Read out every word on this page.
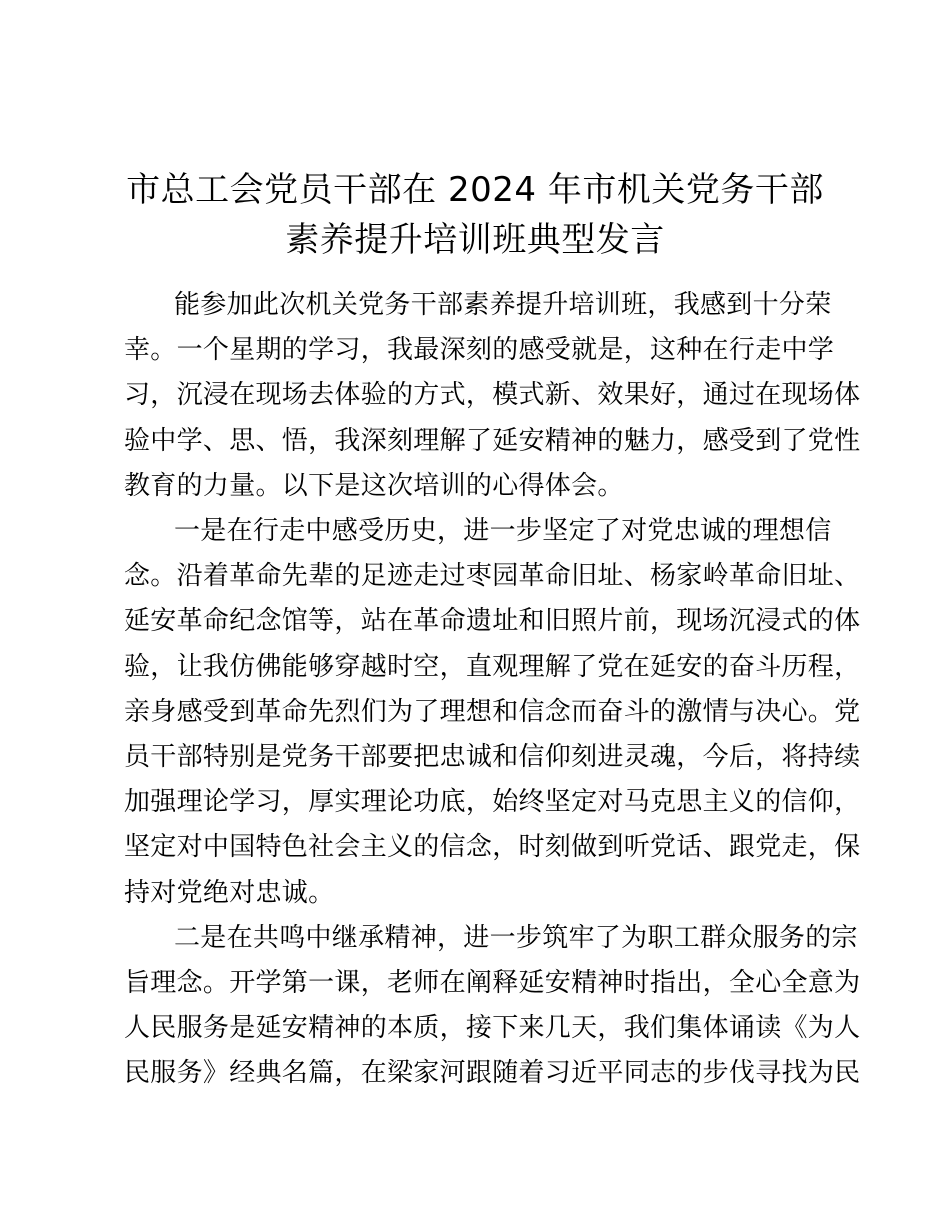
市总工会党员干部在 2024 年市机关党务干部
素养提升培训班典型发言
能参加此次机关党务干部素养提升培训班，我感到十分荣
幸。一个星期的学习，我最深刻的感受就是，这种在行走中学
习，沉浸在现场去体验的方式，模式新、效果好，通过在现场体
验中学、思、悟，我深刻理解了延安精神的魅力，感受到了党性
教育的力量。以下是这次培训的心得体会。
一是在行走中感受历史，进一步坚定了对党忠诚的理想信
念。沿着革命先辈的足迹走过枣园革命旧址、杨家岭革命旧址、
延安革命纪念馆等，站在革命遗址和旧照片前，现场沉浸式的体
验，让我仿佛能够穿越时空，直观理解了党在延安的奋斗历程，
亲身感受到革命先烈们为了理想和信念而奋斗的激情与决心。党
员干部特别是党务干部要把忠诚和信仰刻进灵魂，今后，将持续
加强理论学习，厚实理论功底，始终坚定对马克思主义的信仰，
坚定对中国特色社会主义的信念，时刻做到听党话、跟党走，保
持对党绝对忠诚。
二是在共鸣中继承精神，进一步筑牢了为职工群众服务的宗
旨理念。开学第一课，老师在阐释延安精神时指出，全心全意为
人民服务是延安精神的本质，接下来几天，我们集体诵读《为人
民服务》经典名篇，在梁家河跟随着习近平同志的步伐寻找为民
